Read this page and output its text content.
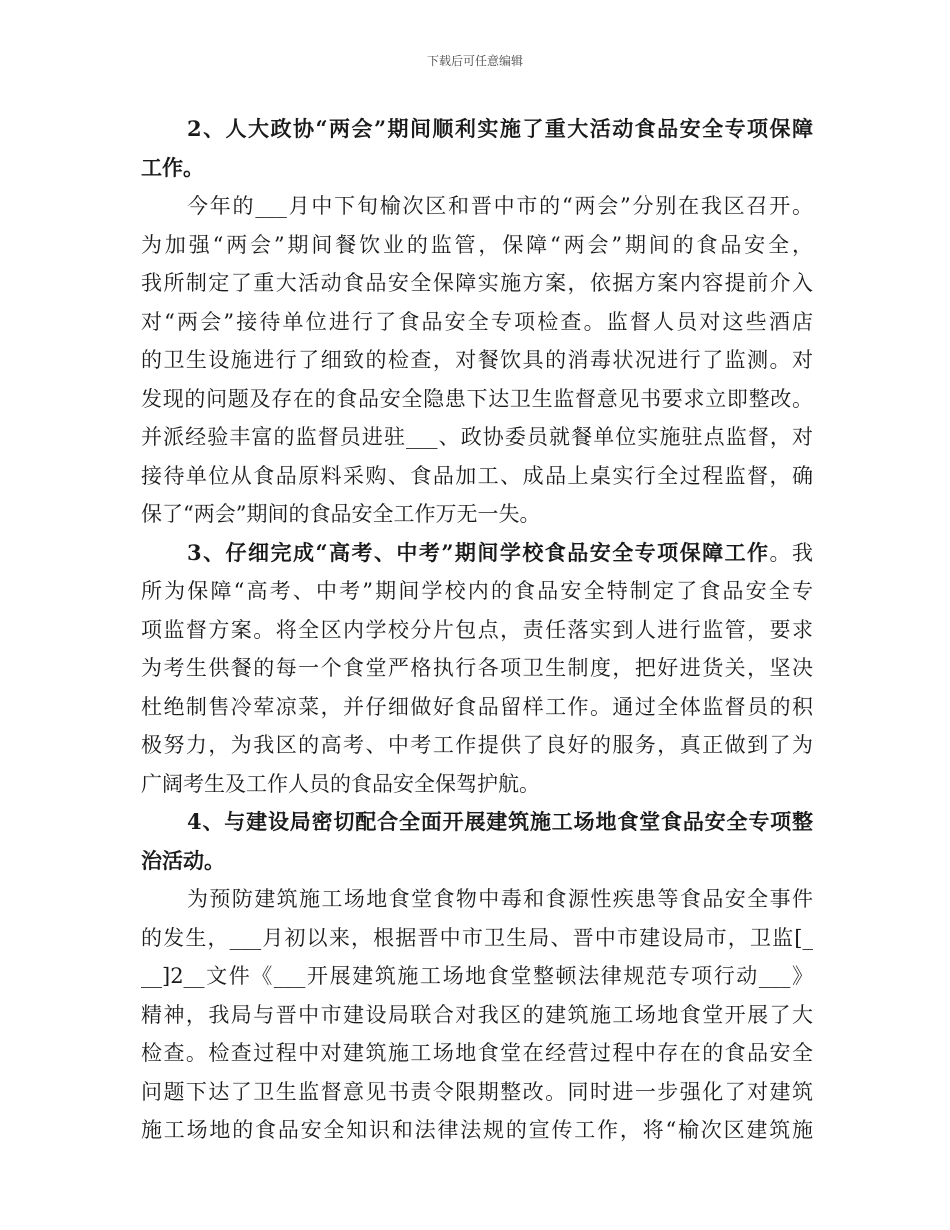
下载后可任意编辑
2、人大政协“两会”期间顺利实施了重大活动食品安全专项保障
工作。
今年的___月中下旬榆次区和晋中市的“两会”分别在我区召开。
为加强“两会”期间餐饮业的监管，保障“两会”期间的食品安全，
我所制定了重大活动食品安全保障实施方案，依据方案内容提前介入
对“两会”接待单位进行了食品安全专项检查。监督人员对这些酒店
的卫生设施进行了细致的检查，对餐饮具的消毒状况进行了监测。对
发现的问题及存在的食品安全隐患下达卫生监督意见书要求立即整改。
并派经验丰富的监督员进驻___、政协委员就餐单位实施驻点监督，对
接待单位从食品原料采购、食品加工、成品上桌实行全过程监督，确
保了“两会”期间的食品安全工作万无一失。
3、仔细完成“高考、中考”期间学校食品安全专项保障工作。我
所为保障“高考、中考”期间学校内的食品安全特制定了食品安全专
项监督方案。将全区内学校分片包点，责任落实到人进行监管，要求
为考生供餐的每一个食堂严格执行各项卫生制度，把好进货关，坚决
杜绝制售冷荤凉菜，并仔细做好食品留样工作。通过全体监督员的积
极努力，为我区的高考、中考工作提供了良好的服务，真正做到了为
广阔考生及工作人员的食品安全保驾护航。
4、与建设局密切配合全面开展建筑施工场地食堂食品安全专项整
治活动。
为预防建筑施工场地食堂食物中毒和食源性疾患等食品安全事件
的发生，___月初以来，根据晋中市卫生局、晋中市建设局市，卫监[_
__]2__文件《___开展建筑施工场地食堂整顿法律规范专项行动___》
精神，我局与晋中市建设局联合对我区的建筑施工场地食堂开展了大
检查。检查过程中对建筑施工场地食堂在经营过程中存在的食品安全
问题下达了卫生监督意见书责令限期整改。同时进一步强化了对建筑
施工场地的食品安全知识和法律法规的宣传工作，将“榆次区建筑施
